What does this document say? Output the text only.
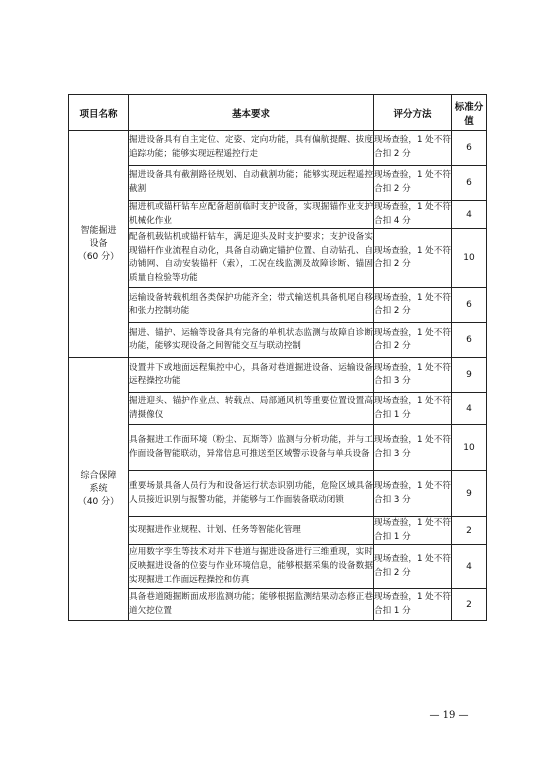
项目名称	基本要求	评分方法	标准分值

智能掘进
设备
（60 分）	掘进设备具有自主定位、定姿、定向功能，具有偏航提醒、拔度追踪功能；能够实现远程遥控行走	现场查验，1 处不符合扣 2 分	6
	掘进设备具有截割路径规划、自动截割功能；能够实现远程遥控截割	现场查验，1 处不符合扣 2 分	6
	掘进机或锚杆钻车应配备超前临时支护设备，实现掘锚作业支护机械化作业	现场查验，1 处不符合扣 4 分	4
	配备机载钻机或锚杆钻车，满足迎头及时支护要求；支护设备实现锚杆作业流程自动化，具备自动确定锚护位置、自动钻孔、自动铺网、自动安装锚杆（索），工况在线监测及故障诊断、锚固质量自检验等功能	现场查验，1 处不符合扣 2 分	10
	运输设备转载机组各类保护功能齐全；带式输送机具备机尾自移和张力控制功能	现场查验，1 处不符合扣 2 分	6
	掘进、锚护、运输等设备具有完备的单机状态监测与故障自诊断功能，能够实现设备之间智能交互与联动控制	现场查验，1 处不符合扣 2 分	6

综合保障
系统
（40 分）	设置井下或地面远程集控中心，具备对巷道掘进设备、运输设备远程操控功能	现场查验，1 处不符合扣 3 分	9
	掘进迎头、锚护作业点、转载点、局部通风机等重要位置设置高清摄像仪	现场查验，1 处不符合扣 1 分	4
	具备掘进工作面环境（粉尘、瓦斯等）监测与分析功能，并与工作面设备智能联动，异常信息可推送至区域警示设备与单兵设备	现场查验，1 处不符合扣 3 分	10
	重要场景具备人员行为和设备运行状态识别功能，危险区域具备人员接近识别与报警功能，并能够与工作面装备联动闭锁	现场查验，1 处不符合扣 3 分	9
	实现掘进作业规程、计划、任务等智能化管理	现场查验，1 处不符合扣 1 分	2
	应用数字孪生等技术对井下巷道与掘进设备进行三维重现，实时反映掘进设备的位姿与作业环境信息，能够根据采集的设备数据实现掘进工作面远程操控和仿真	现场查验，1 处不符合扣 2 分	4
	具备巷道随掘断面成形监测功能；能够根据监测结果动态修正巷道欠挖位置	现场查验，1 处不符合扣 1 分	2
— 19 —
